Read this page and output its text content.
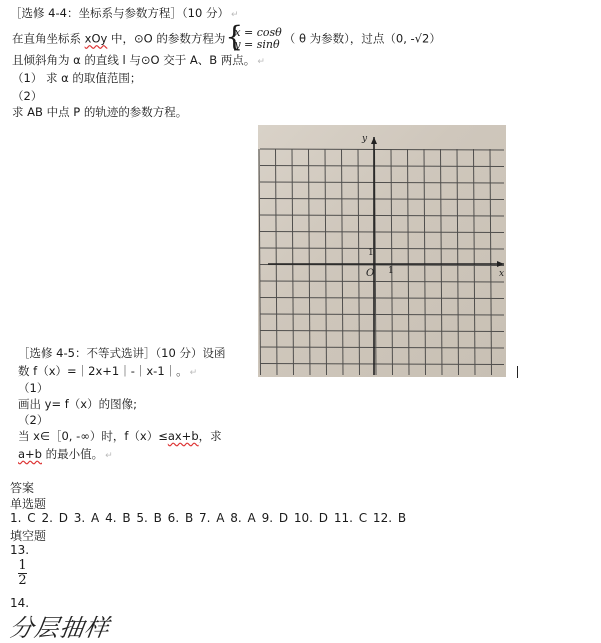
［选修 4-4：坐标系与参数方程］（10 分） ↵
在直角坐标系 xOy 中，⊙O 的参数方程为 {
x = cosθ
y = sinθ （ θ 为参数），过点（0, -√2）
且倾斜角为 α 的直线 l 与⊙O 交于 A、B 两点。 ↵
（1） 求 α 的取值范围；
（2）
求 AB 中点 P 的轨迹的参数方程。
y
x
O 1
1
［选修 4-5：不等式选讲］（10 分）设函
数 f（x）=｜2x+1｜-｜x-1｜。 ↵
（1）
画出 y= f（x）的图像;
（2）
当 x∈［0, -∞）时，f（x）≤ax+b，求
a+b 的最小值。 ↵
答案
单选题
1. C 2. D 3. A 4. B 5. B 6. B 7. A 8. A 9. D 10. D 11. C 12. B
填空题
13.
1
2
14.
分层抽样
